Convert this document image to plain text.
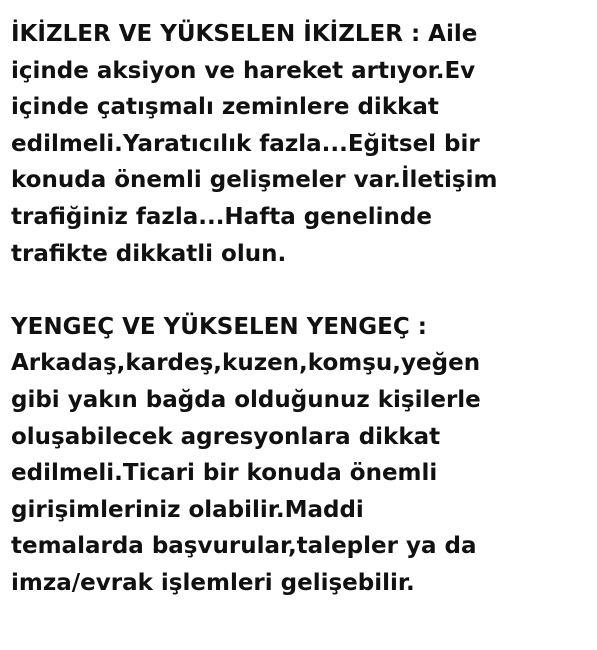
İKİZLER VE YÜKSELEN İKİZLER : Aile
içinde aksiyon ve hareket artıyor.Ev
içinde çatışmalı zeminlere dikkat
edilmeli.Yaratıcılık fazla...Eğitsel bir
konuda önemli gelişmeler var.İletişim
trafiğiniz fazla...Hafta genelinde
trafikte dikkatli olun.

YENGEÇ VE YÜKSELEN YENGEÇ :
Arkadaş,kardeş,kuzen,komşu,yeğen
gibi yakın bağda olduğunuz kişilerle
oluşabilecek agresyonlara dikkat
edilmeli.Ticari bir konuda önemli
girişimleriniz olabilir.Maddi
temalarda başvurular,talepler ya da
imza/evrak işlemleri gelişebilir.
